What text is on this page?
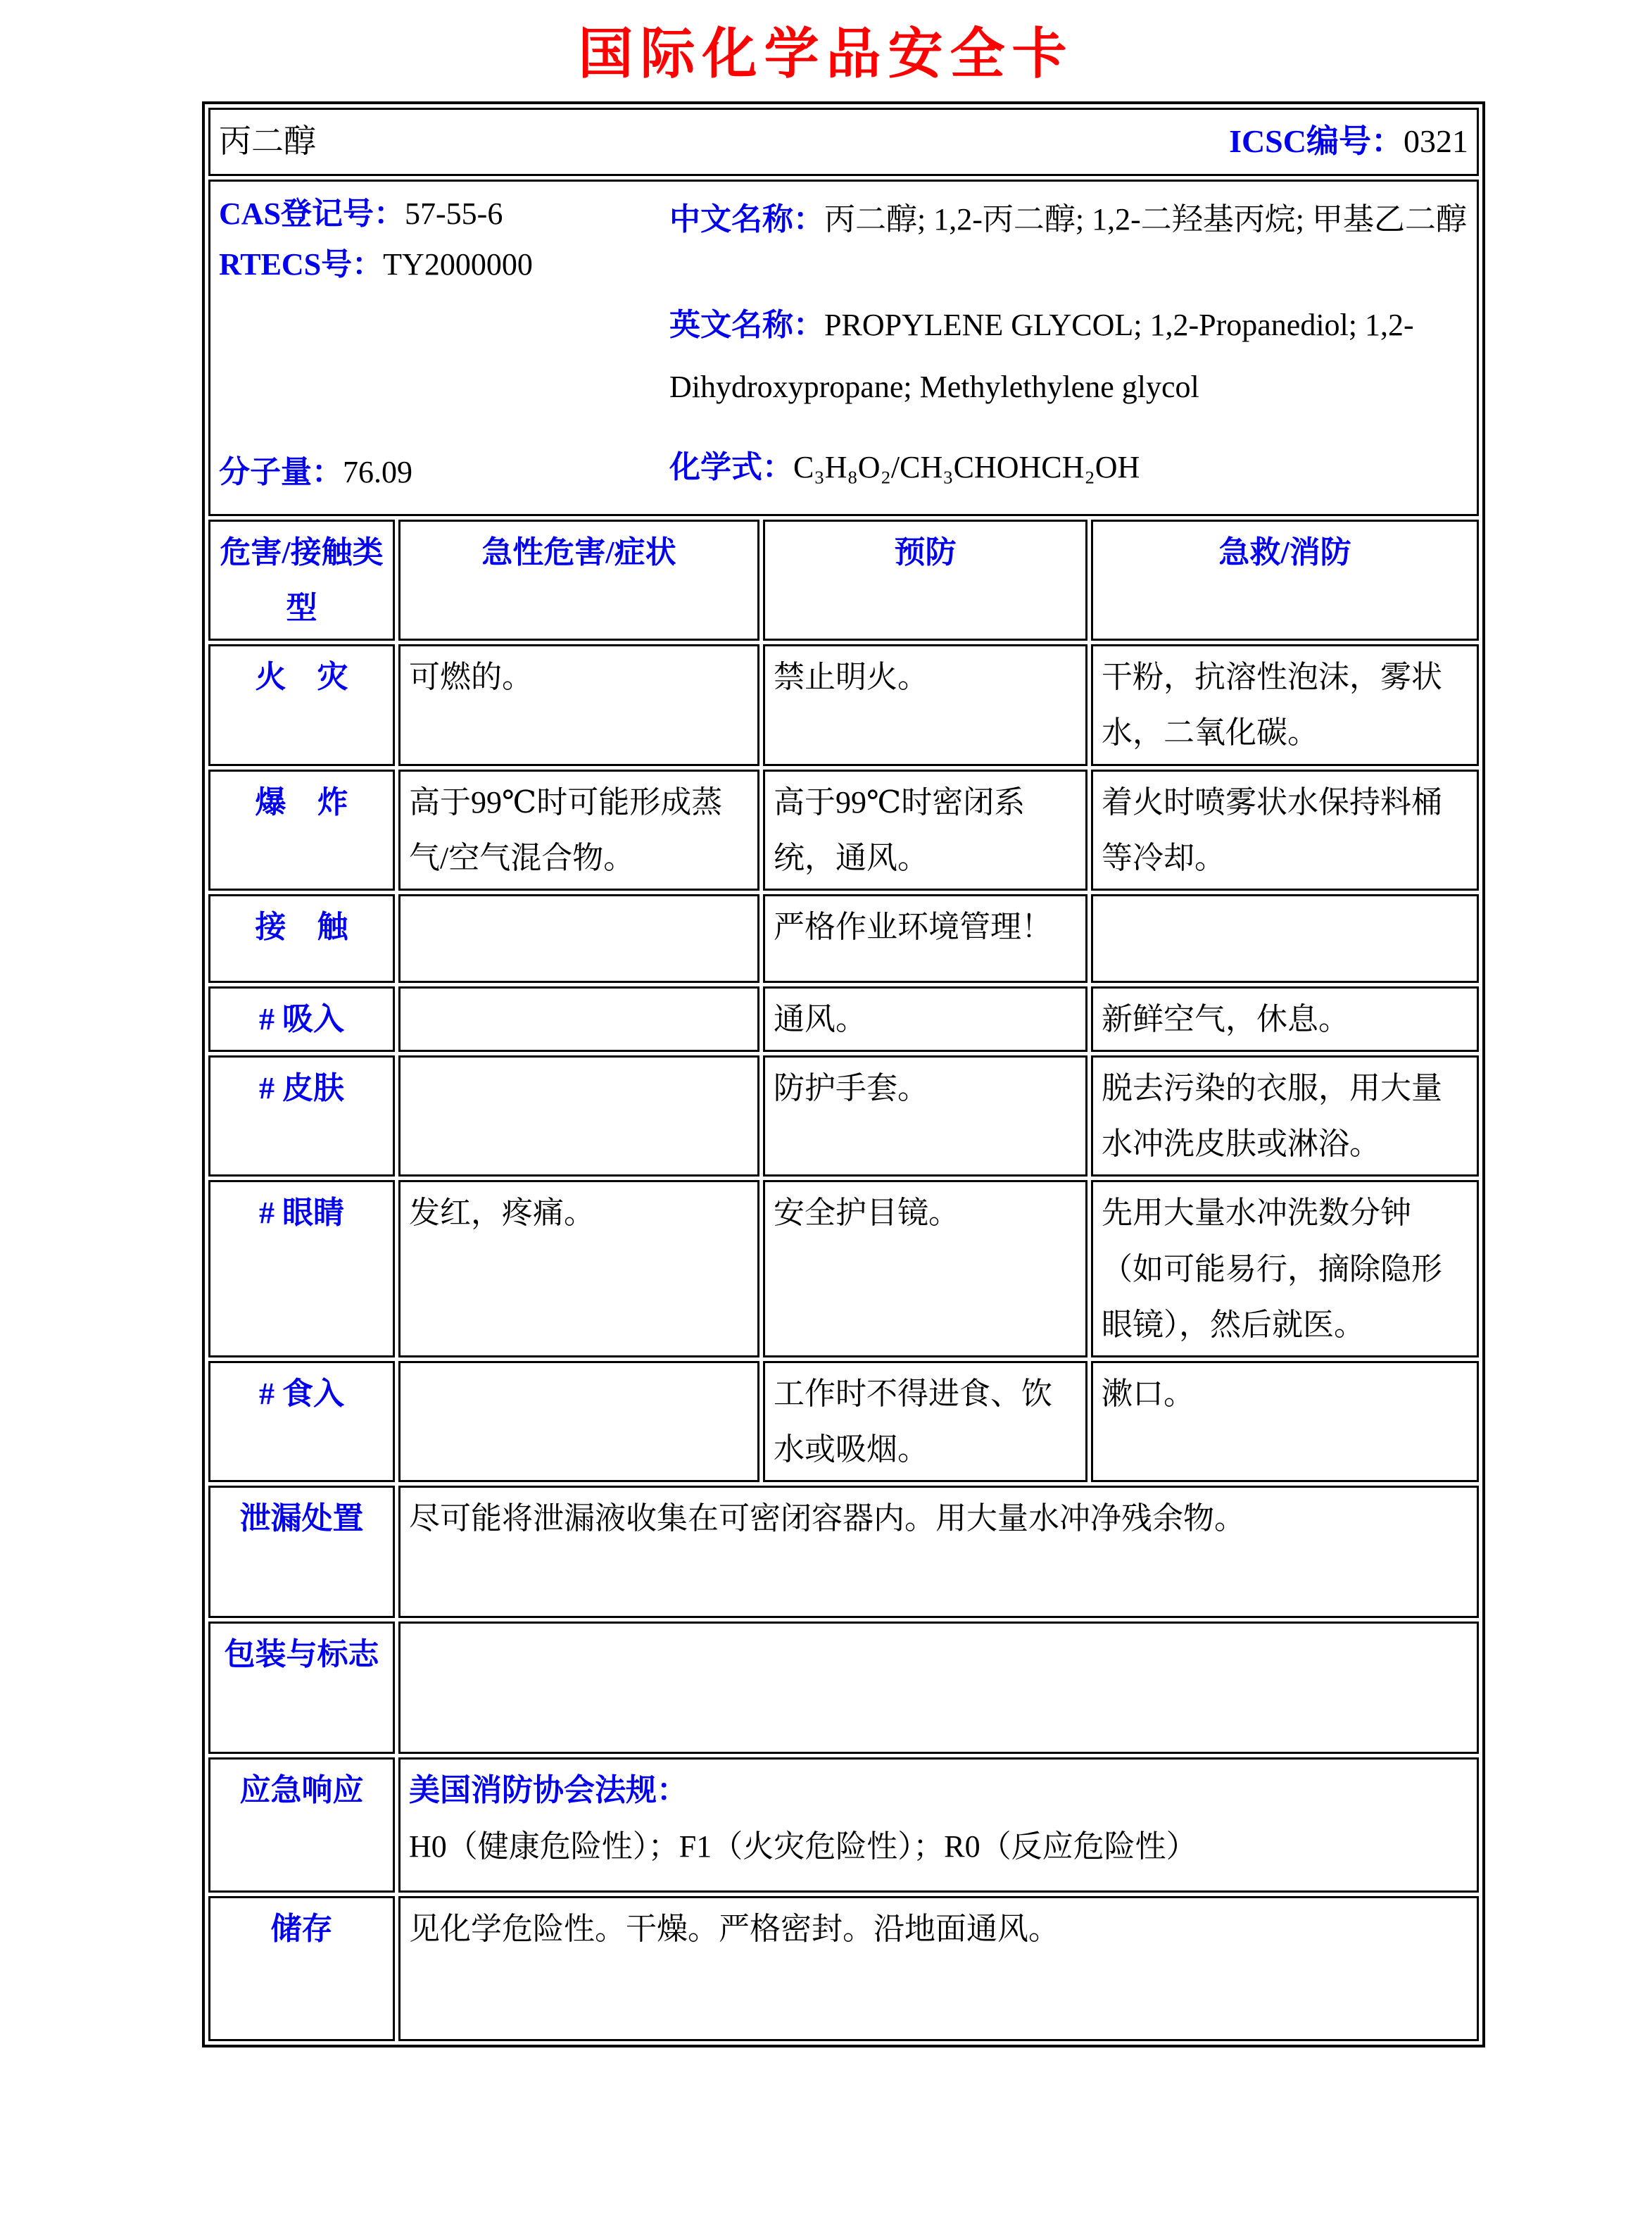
国际化学品安全卡
丙二醇 ICSC编号：0321			

CAS登记号：57-55-6
RTECS号：TY2000000
分子量：76.09
中文名称：丙二醇; 1,2-丙二醇; 1,2-二羟基丙烷; 甲基乙二醇
英文名称：PROPYLENE GLYCOL; 1,2-Propanediol; 1,2-Dihydroxypropane; Methylethylene glycol
化学式：C₃H₈O₂/CH₃CHOHCH₂OH

危害/接触类型	急性危害/症状	预防	急救/消防
火　灾	可燃的。	禁止明火。	干粉，抗溶性泡沫，雾状水，二氧化碳。
爆　炸	高于99℃时可能形成蒸气/空气混合物。	高于99℃时密闭系统，通风。	着火时喷雾状水保持料桶等冷却。
接　触		严格作业环境管理！	
# 吸入		通风。	新鲜空气，休息。
# 皮肤		防护手套。	脱去污染的衣服，用大量水冲洗皮肤或淋浴。
# 眼睛	发红，疼痛。	安全护目镜。	先用大量水冲洗数分钟（如可能易行，摘除隐形眼镜），然后就医。
# 食入		工作时不得进食、饮水或吸烟。	漱口。
泄漏处置	尽可能将泄漏液收集在可密闭容器内。用大量水冲净残余物。		
包装与标志			
应急响应	美国消防协会法规：H0（健康危险性）；F1（火灾危险性）；R0（反应危险性）		
储存	见化学危险性。干燥。严格密封。沿地面通风。		
